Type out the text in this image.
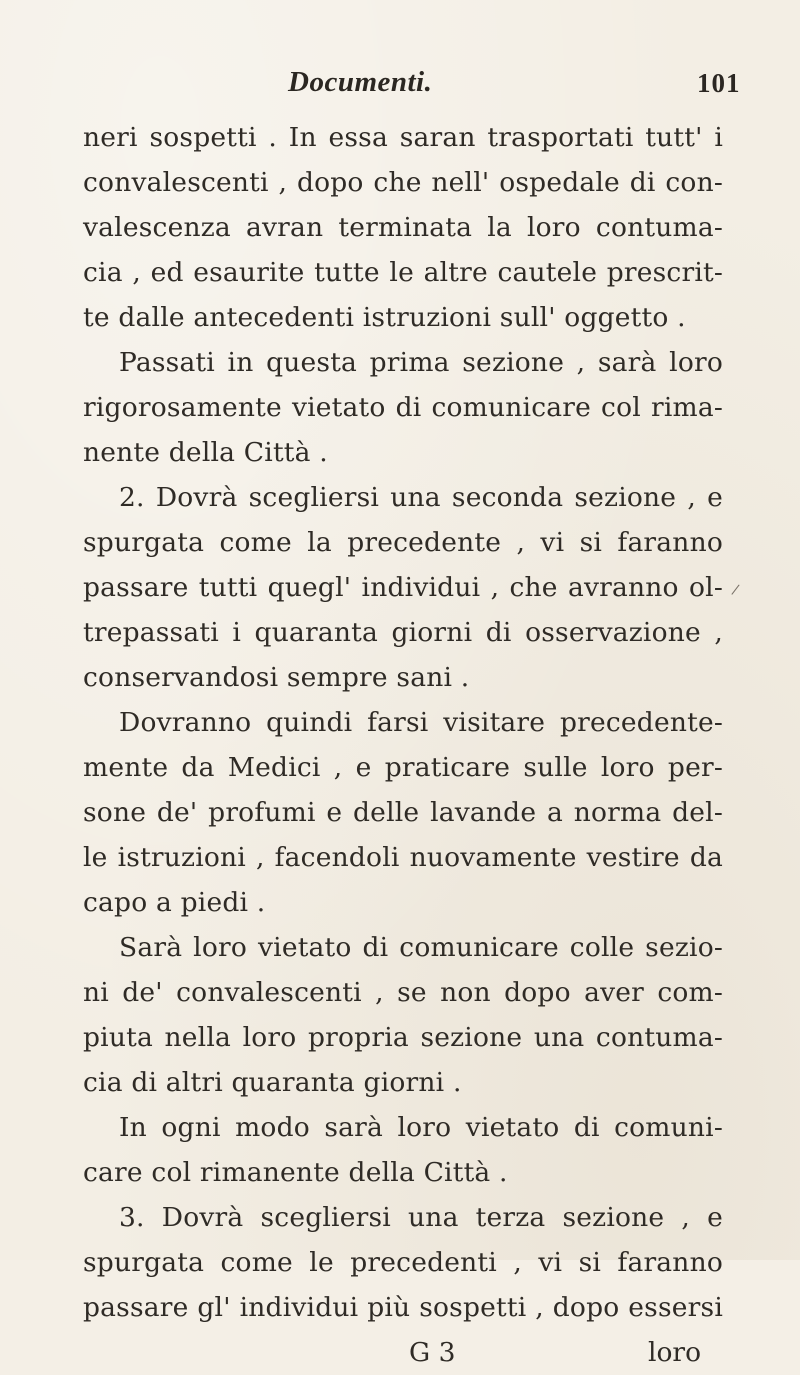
Documenti.	101
neri sospetti . In essa saran trasportati tutt' i
convalescenti , dopo che nell' ospedale di con-
valescenza avran terminata la loro contuma-
cia , ed esaurite tutte le altre cautele prescrit-
te dalle antecedenti istruzioni sull' oggetto .
Passati in questa prima sezione , sarà loro
rigorosamente vietato di comunicare col rima-
nente della Città .
2. Dovrà scegliersi una seconda sezione , e
spurgata come la precedente , vi si faranno
passare tutti quegl' individui , che avranno ol-
trepassati i quaranta giorni di osservazione ,
conservandosi sempre sani .
Dovranno quindi farsi visitare precedente-
mente da Medici , e praticare sulle loro per-
sone de' profumi e delle lavande a norma del-
le istruzioni , facendoli nuovamente vestire da
capo a piedi .
Sarà loro vietato di comunicare colle sezio-
ni de' convalescenti , se non dopo aver com-
piuta nella loro propria sezione una contuma-
cia di altri quaranta giorni .
In ogni modo sarà loro vietato di comuni-
care col rimanente della Città .
3. Dovrà scegliersi una terza sezione , e
spurgata come le precedenti , vi si faranno
passare gl' individui più sospetti , dopo essersi
G 3	loro
/
